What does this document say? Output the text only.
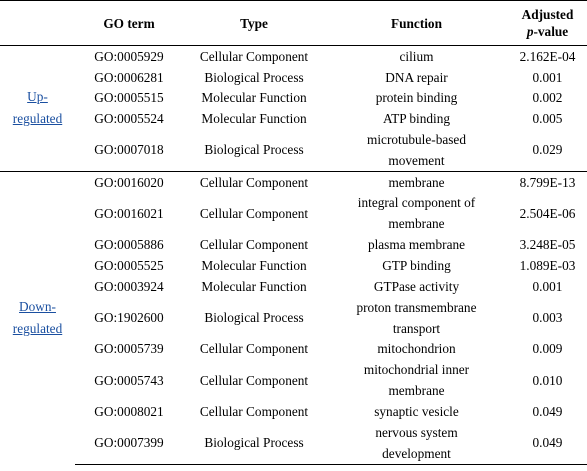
	GO term	Type	Function	Adjusted
p-value

Up-
regulated	GO:0005929	Cellular Component	cilium	2.162E-04
	GO:0006281	Biological Process	DNA repair	0.001
	GO:0005515	Molecular Function	protein binding	0.002
	GO:0005524	Molecular Function	ATP binding	0.005
	GO:0007018	Biological Process	microtubule-based
movement	0.029

Down-
regulated	GO:0016020	Cellular Component	membrane	8.799E-13
	GO:0016021	Cellular Component	integral component of
membrane	2.504E-06
	GO:0005886	Cellular Component	plasma membrane	3.248E-05
	GO:0005525	Molecular Function	GTP binding	1.089E-03
	GO:0003924	Molecular Function	GTPase activity	0.001
	GO:1902600	Biological Process	proton transmembrane
transport	0.003
	GO:0005739	Cellular Component	mitochondrion	0.009
	GO:0005743	Cellular Component	mitochondrial inner
membrane	0.010
	GO:0008021	Cellular Component	synaptic vesicle	0.049
	GO:0007399	Biological Process	nervous system
development	0.049
